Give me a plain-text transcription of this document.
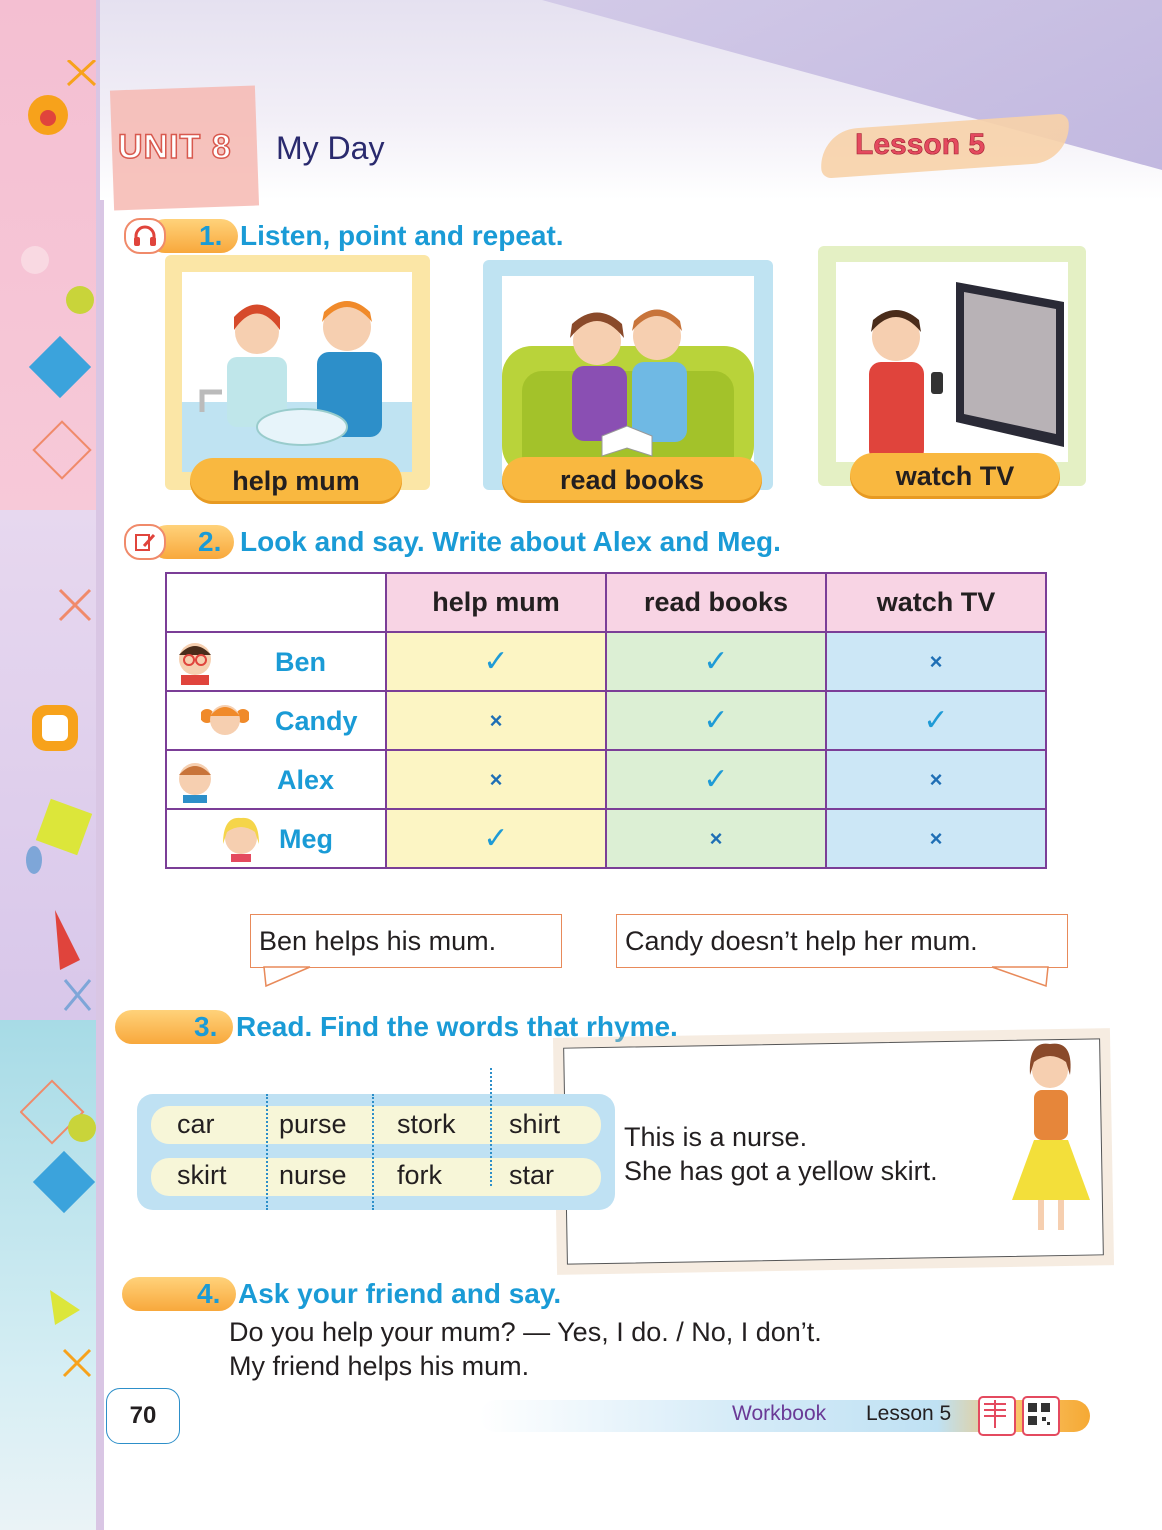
UNIT 8 My Day	Lesson 5
1. Listen, point and repeat.
help mum	read books	watch TV
2. Look and say. Write about Alex and Meg.
	help mum	read books	watch TV

Ben	✓	✓	×

Candy	×	✓	✓

Alex	×	✓	×

Meg	✓	×	×
Ben helps his mum.	Candy doesn’t help her mum.
3. Read. Find the words that rhyme.
This is a nurse.
She has got a yellow skirt.
car purse stork shirt
skirt nurse fork star
4. Ask your friend and say.
Do you help your mum? — Yes, I do. / No, I don’t.
My friend helps his mum.
70	Workbook Lesson 5
